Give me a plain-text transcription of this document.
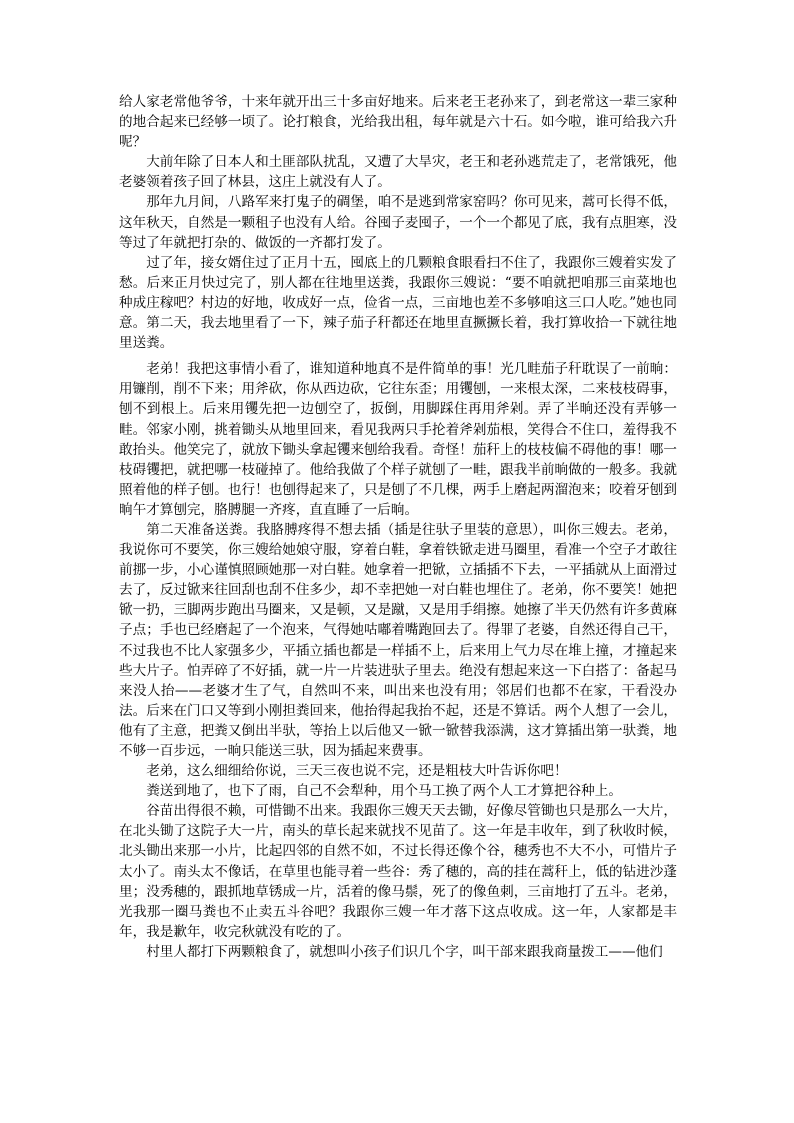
给人家老常他爷爷，十来年就开出三十多亩好地来。后来老王老孙来了，到老常这一辈三家种的地合起来已经够一顷了。论打粮食，光给我出租，每年就是六十石。如今啦，谁可给我六升呢？

大前年除了日本人和土匪部队扰乱，又遭了大旱灾，老王和老孙逃荒走了，老常饿死，他老婆领着孩子回了林县，这庄上就没有人了。

那年九月间，八路军来打鬼子的碉堡，咱不是逃到常家窑吗？你可见来，蒿可长得不低，这年秋天，自然是一颗租子也没有人给。谷囤子麦囤子，一个一个都见了底，我有点胆寒，没等过了年就把打杂的、做饭的一齐都打发了。

过了年，接女婿住过了正月十五，囤底上的几颗粮食眼看扫不住了，我跟你三嫂着实发了愁。后来正月快过完了，别人都在往地里送粪，我跟你三嫂说：“要不咱就把咱那三亩菜地也种成庄稼吧？村边的好地，收成好一点，俭省一点，三亩地也差不多够咱这三口人吃。”她也同意。第二天，我去地里看了一下，辣子茄子秆都还在地里直撅撅长着，我打算收拾一下就往地里送粪。

老弟！我把这事情小看了，谁知道种地真不是件简单的事！光几畦茄子秆耽误了一前晌：用镰削，削不下来；用斧砍，你从西边砍，它往东歪；用䦆刨，一来根太深，二来枝枝碍事，刨不到根上。后来用䦆先把一边刨空了，扳倒，用脚踩住再用斧剁。弄了半晌还没有弄够一畦。邻家小刚，挑着锄头从地里回来，看见我两只手抡着斧剁茄根，笑得合不住口，羞得我不敢抬头。他笑完了，就放下锄头拿起䦆来刨给我看。奇怪！茄秆上的枝枝偏不碍他的事！哪一枝碍䦆把，就把哪一枝碰掉了。他给我做了个样子就刨了一畦，跟我半前晌做的一般多。我就照着他的样子刨。也行！也刨得起来了，只是刨了不几棵，两手上磨起两溜泡来；咬着牙刨到晌午才算刨完，胳膊腿一齐疼，直直睡了一后晌。

第二天准备送粪。我胳膊疼得不想去插（插是往驮子里装的意思），叫你三嫂去。老弟，我说你可不要笑，你三嫂给她娘守服，穿着白鞋，拿着铁锨走进马圈里，看准一个空子才敢往前挪一步，小心谨慎照顾她那一对白鞋。她拿着一把锨，立插插不下去，一平插就从上面滑过去了，反过锨来往回刮也刮不住多少，却不幸把她一对白鞋也埋住了。老弟，你不要笑！她把锨一扔，三脚两步跑出马圈来，又是顿，又是蹴，又是用手绢擦。她擦了半天仍然有许多黄麻子点；手也已经磨起了一个泡来，气得她咕嘟着嘴跑回去了。得罪了老婆，自然还得自己干，不过我也不比人家强多少，平插立插也都是一样插不上，后来用上气力尽在堆上撞，才撞起来些大片子。怕弄碎了不好插，就一片一片装进驮子里去。绝没有想起来这一下白搭了：备起马来没人抬——老婆才生了气，自然叫不来，叫出来也没有用；邻居们也都不在家，干看没办法。后来在门口又等到小刚担粪回来，他抬得起我抬不起，还是不算话。两个人想了一会儿，他有了主意，把粪又倒出半驮，等抬上以后他又一锨一锨替我添满，这才算插出第一驮粪，地不够一百步远，一晌只能送三驮，因为插起来费事。

老弟，这么细细给你说，三天三夜也说不完，还是粗枝大叶告诉你吧！

粪送到地了，也下了雨，自己不会犁种，用个马工换了两个人工才算把谷种上。

谷苗出得很不赖，可惜锄不出来。我跟你三嫂天天去锄，好像尽管锄也只是那么一大片，在北头锄了这院子大一片，南头的草长起来就找不见苗了。这一年是丰收年，到了秋收时候，北头锄出来那一小片，比起四邻的自然不如，不过长得还像个谷，穗秀也不大不小，可惜片子太小了。南头太不像话，在草里也能寻着一些谷：秀了穗的，高的挂在蒿秆上，低的钻进沙蓬里；没秀穗的，跟抓地草锈成一片，活着的像马鬃，死了的像鱼刺，三亩地打了五斗。老弟，光我那一圈马粪也不止卖五斗谷吧？我跟你三嫂一年才落下这点收成。这一年，人家都是丰年，我是歉年，收完秋就没有吃的了。

村里人都打下两颗粮食了，就想叫小孩子们识几个字，叫干部来跟我商量拨工——他们
